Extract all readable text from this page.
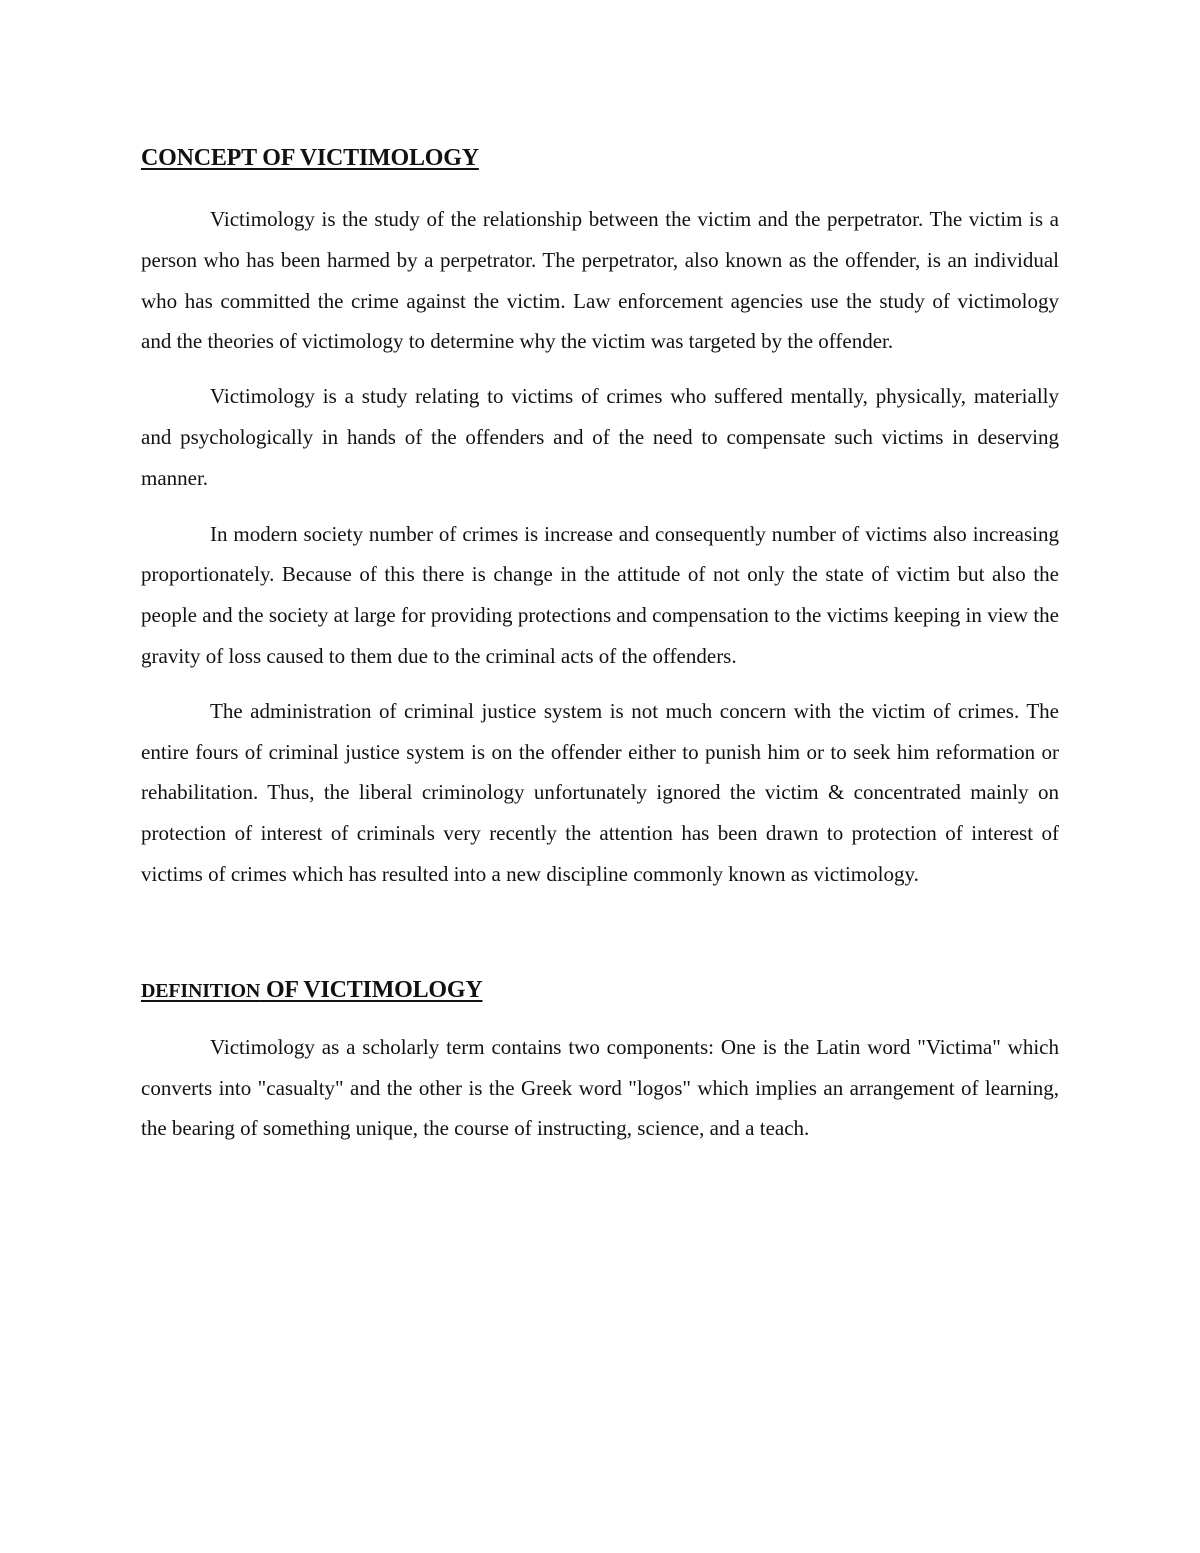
CONCEPT OF VICTIMOLOGY

Victimology is the study of the relationship between the victim and the perpetrator. The victim is a person who has been harmed by a perpetrator. The perpetrator, also known as the offender, is an individual who has committed the crime against the victim. Law enforcement agencies use the study of victimology and the theories of victimology to determine why the victim was targeted by the offender.

Victimology is a study relating to victims of crimes who suffered mentally, physically, materially and psychologically in hands of the offenders and of the need to compensate such victims in deserving manner.

In modern society number of crimes is increase and consequently number of victims also increasing proportionately. Because of this there is change in the attitude of not only the state of victim but also the people and the society at large for providing protections and compensation to the victims keeping in view the gravity of loss caused to them due to the criminal acts of the offenders.

The administration of criminal justice system is not much concern with the victim of crimes. The entire fours of criminal justice system is on the offender either to punish him or to seek him reformation or rehabilitation. Thus, the liberal criminology unfortunately ignored the victim & concentrated mainly on protection of interest of criminals very recently the attention has been drawn to protection of interest of victims of crimes which has resulted into a new discipline commonly known as victimology.

DEFINITION OF VICTIMOLOGY

Victimology as a scholarly term contains two components: One is the Latin word "Victima" which converts into "casualty" and the other is the Greek word "logos" which implies an arrangement of learning, the bearing of something unique, the course of instructing, science, and a teach.
